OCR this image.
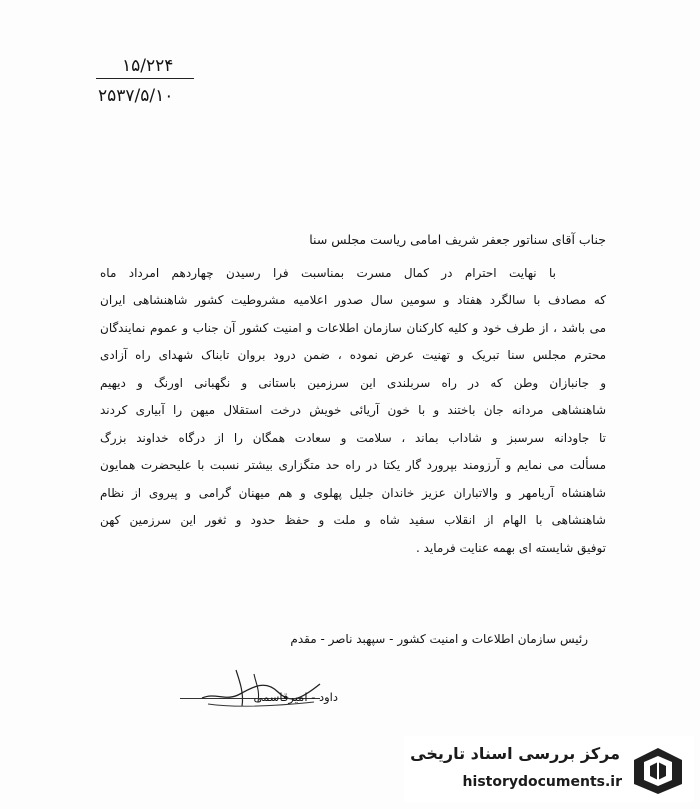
۱۵/۲۲۴
۲۵۳۷/۵/۱۰
جناب آقای سناتور جعفر شریف امامی ریاست مجلس سنا
با نهایت احترام در کمال مسرت بمناسبت فرا رسیدن چهاردهم امرداد ماه
که مصادف با سالگرد هفتاد و سومین سال صدور اعلامیه مشروطیت کشور شاهنشاهی ایران
می باشد ، از طرف خود و کلیه کارکنان سازمان اطلاعات و امنیت کشور آن جناب و عموم نمایندگان
محترم مجلس سنا تبریک و تهنیت عرض نموده ، ضمن درود بروان تابناک شهدای راه آزادی
و جانبازان وطن که در راه سربلندی این سرزمین باستانی و نگهبانی اورنگ و دیهیم
شاهنشاهی مردانه جان باختند و با خون آریائی خویش درخت استقلال میهن را آبیاری کردند
تا جاودانه سرسبز و شاداب بماند ، سلامت و سعادت همگان را از درگاه خداوند بزرگ
مسألت می نمایم و آرزومند بپرورد گار یکتا در راه حد متگزاری بیشتر نسبت با علیحضرت همایون
شاهنشاه آریامهر و والاتباران عزیز خاندان جلیل پهلوی و هم میهنان گرامی و پیروی از نظام
شاهنشاهی با الهام از انقلاب سفید شاه و ملت و حفظ حدود و ثغور این سرزمین کهن
توفیق شایسته ای بهمه عنایت فرماید .
رئیس سازمان اطلاعات و امنیت کشور - سپهبد ناصر - مقدم
داود - امیرقاسمی
مرکز بررسی اسناد تاریخی
historydocuments.ir
